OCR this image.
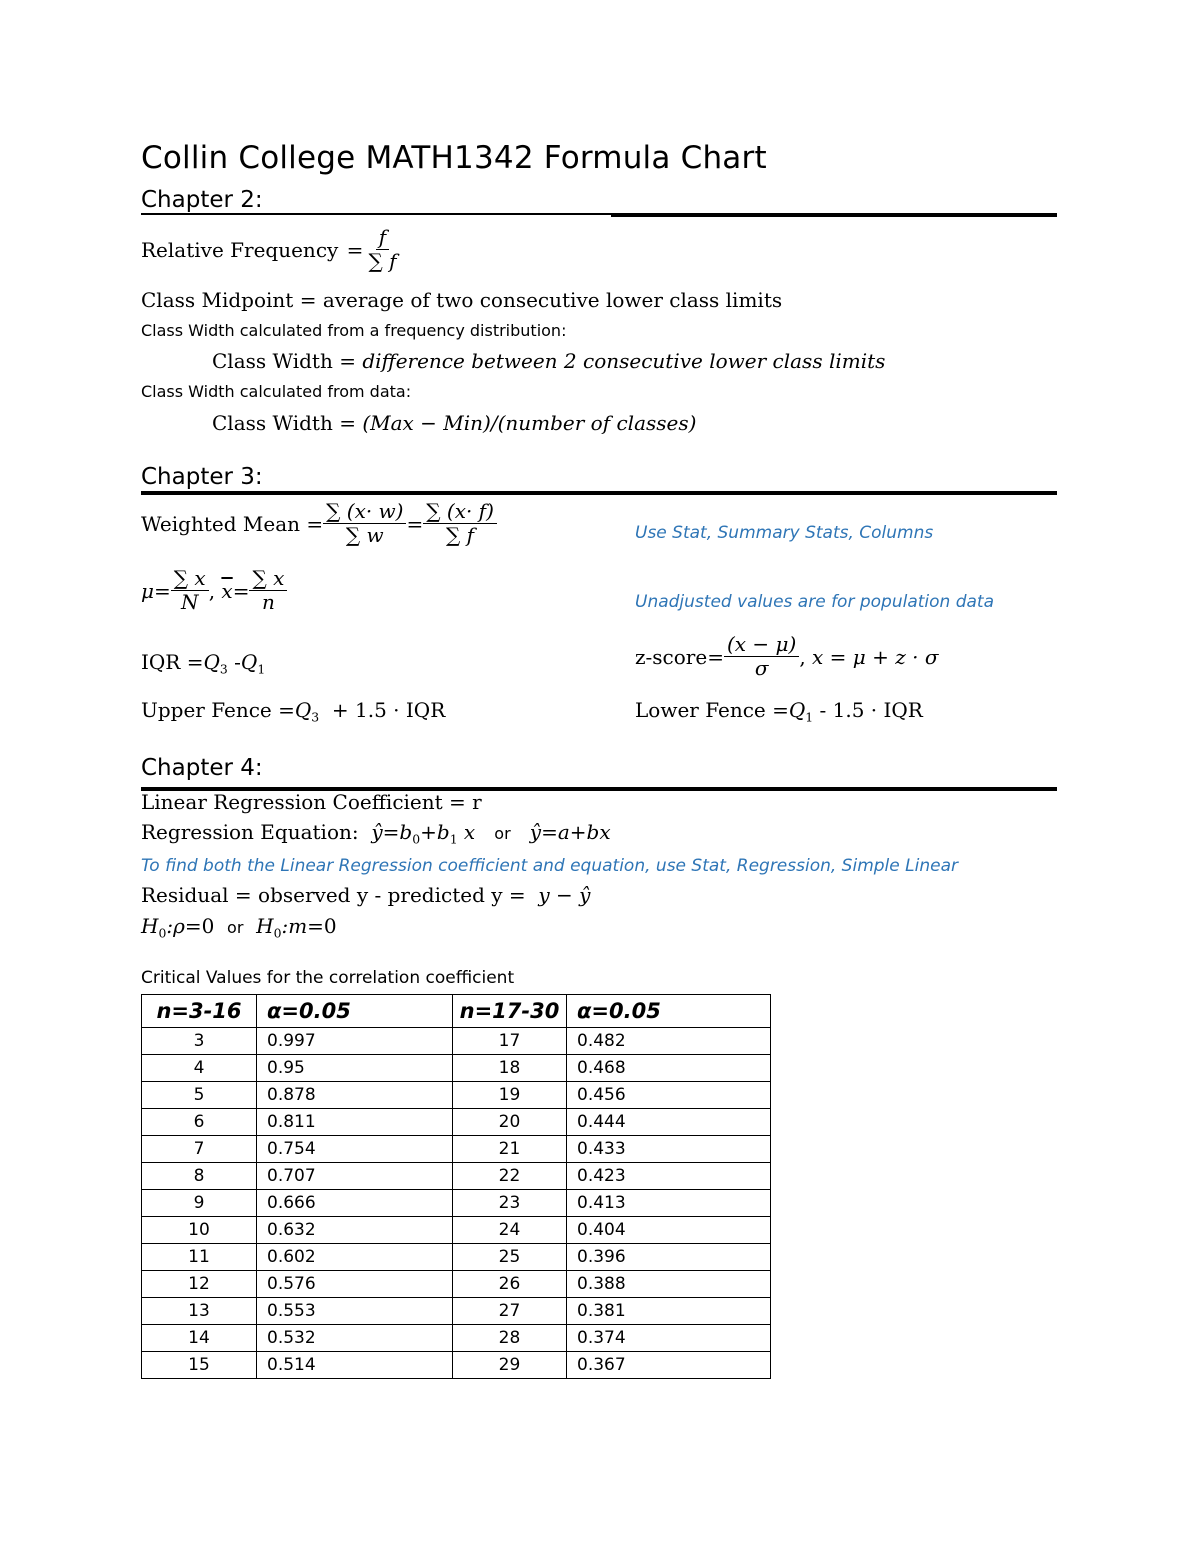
Collin College MATH1342 Formula Chart
Chapter 2:
Relative Frequency = $\frac{f}{\sum f}$
Class Midpoint = average of two consecutive lower class limits
Class Width calculated from a frequency distribution:
Class Width = difference between 2 consecutive lower class limits
Class Width calculated from data:
Class Width = (Max − Min)/(number of classes)
Chapter 3:
Weighted Mean = $\frac{\sum (x\cdot w)}{\sum w} = \frac{\sum (x\cdot f)}{\sum f}$	Use Stat, Summary Stats, Columns
$\mu = \frac{\sum x}{N}$ , $\overline{x} = \frac{\sum x}{n}$	Unadjusted values are for population data
IQR $=Q_3$ $-Q_1$
z-score = $\frac{(x - \mu)}{\sigma}$ , x = μ + z · σ
Upper Fence $=Q_3 + 1.5$ · IQR	Lower Fence $=Q_1 - 1.5$ · IQR
Chapter 4:
Linear Regression Coefficient = r
Regression Equation: $ŷ=b_0+b_1$ x or ŷ=a+bx
To find both the Linear Regression coefficient and equation, use Stat, Regression, Simple Linear
Residual = observed y - predicted y = y − ŷ
$H_0:\rho=0$ or  $H_0:m=0$
Critical Values for the correlation coefficient
n=3-16	α=0.05	n=17-30	α=0.05
3	0.997	17	0.482
4	0.95	18	0.468
5	0.878	19	0.456
6	0.811	20	0.444
7	0.754	21	0.433
8	0.707	22	0.423
9	0.666	23	0.413
10	0.632	24	0.404
11	0.602	25	0.396
12	0.576	26	0.388
13	0.553	27	0.381
14	0.532	28	0.374
15	0.514	29	0.367
